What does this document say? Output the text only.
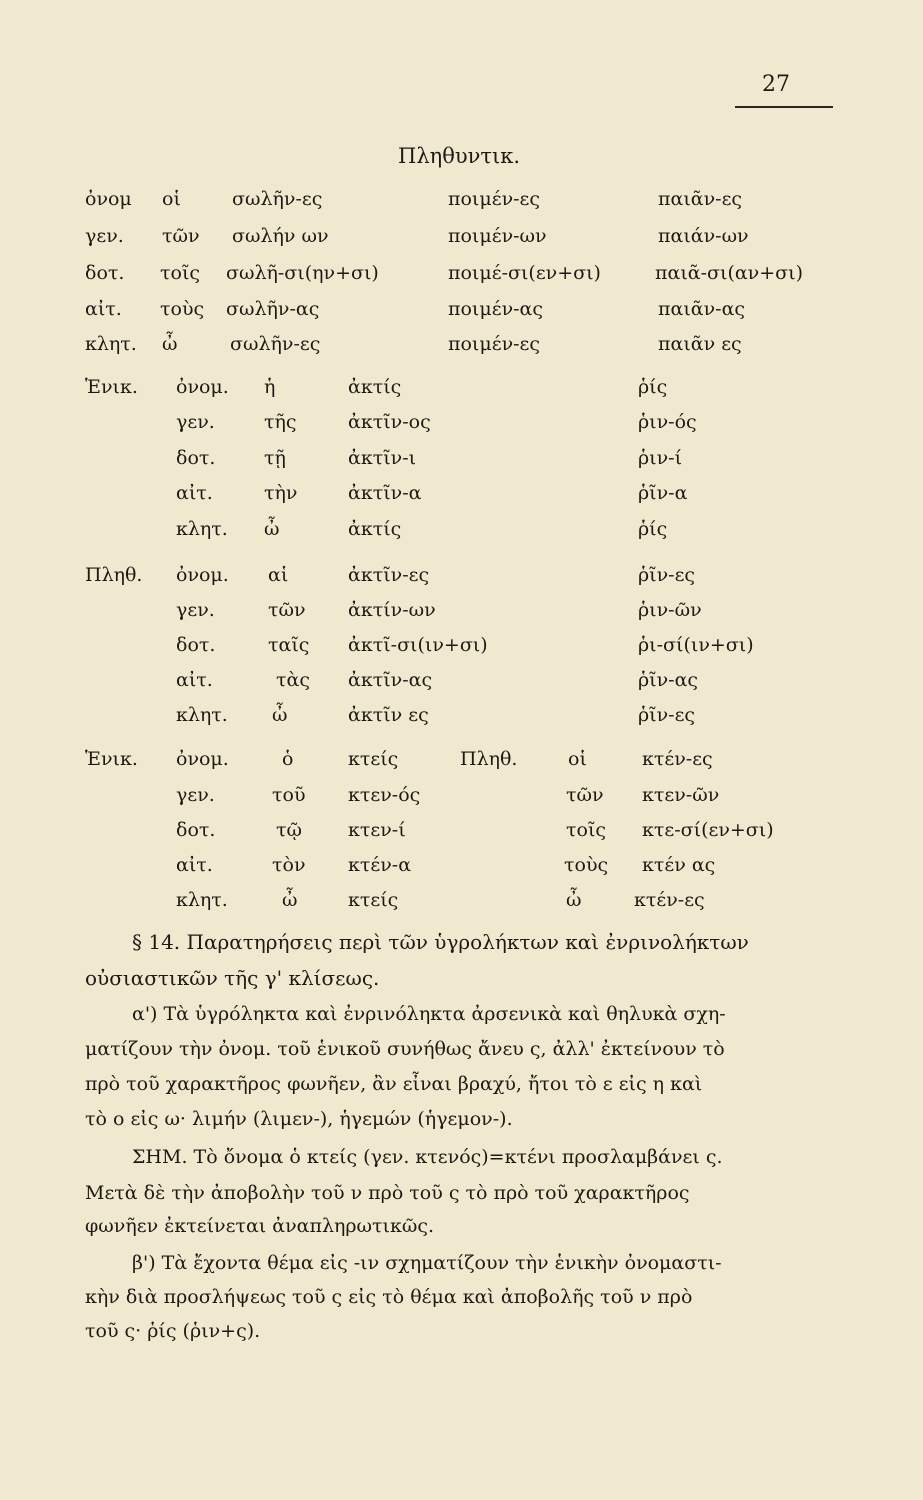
27
Πληθυντικ.
ὀνομ οἱ	σωλῆν-ες	ποιμέν-ες	παιᾶν-ες
γεν. τῶν σωλήν ων	ποιμέν-ων	παιάν-ων
δοτ. τοῖς σωλῆ-σι(ην+σι)	ποιμέ-σι(εν+σι)	παιᾶ-σι(αν+σι)
αἰτ. τοὺς σωλῆν-ας	ποιμέν-ας	παιᾶν-ας
κλητ. ὦ	σωλῆν-ες	ποιμέν-ες	παιᾶν ες
Ἑνικ. ὀνομ. ἡ	ἀκτίς	ῥίς
γεν.	τῆς	ἀκτῖν-ος	ῥιν-ός
δοτ.	τῇ	ἀκτῖν-ι	ῥιν-ί
αἰτ.	τὴν	ἀκτῖν-α	ῥῖν-α
κλητ. ὦ	ἀκτίς	ῥίς
Πληθ. ὀνομ. αἱ	ἀκτῖν-ες	ῥῖν-ες
γεν.	τῶν ἀκτίν-ων	ῥιν-ῶν
δοτ.	ταῖς ἀκτῖ-σι(ιν+σι)	ῥι-σί(ιν+σι)
αἰτ.	τὰς ἀκτῖν-ας	ῥῖν-ας
κλητ. ὦ	ἀκτῖν ες	ῥῖν-ες
Ἑνικ. ὀνομ.	ὁ	κτείς	Πληθ.	οἱ	κτέν-ες
γεν.	τοῦ κτεν-ός	τῶν κτεν-ῶν
δοτ.	τῷ κτεν-ί	τοῖς κτε-σί(εν+σι)
αἰτ.	τὸν κτέν-α	τοὺς κτέν ας
κλητ.	ὦ	κτείς	ὦ	κτέν-ες
§ 14. Παρατηρήσεις περὶ τῶν ὑγρολήκτων καὶ ἐνρινολήκτων
οὐσιαστικῶν τῆς γ' κλίσεως.
α') Τὰ ὑγρόληκτα καὶ ἐνρινόληκτα ἀρσενικὰ καὶ θηλυκὰ σχη-
ματίζουν τὴν ὀνομ. τοῦ ἑνικοῦ συνήθως ἄνευ ς, ἀλλ' ἐκτείνουν τὸ
πρὸ τοῦ χαρακτῆρος φωνῆεν, ἂν εἶναι βραχύ, ἤτοι τὸ ε εἰς η καὶ
τὸ ο εἰς ω· λιμήν (λιμεν-), ἡγεμών (ἡγεμον-).
ΣΗΜ. Τὸ ὄνομα ὁ κτείς (γεν. κτενός)=κτένι προσλαμβάνει ς.
Μετὰ δὲ τὴν ἀποβολὴν τοῦ ν πρὸ τοῦ ς τὸ πρὸ τοῦ χαρακτῆρος
φωνῆεν ἐκτείνεται ἀναπληρωτικῶς.
β') Τὰ ἔχοντα θέμα εἰς -ιν σχηματίζουν τὴν ἑνικὴν ὀνομαστι-
κὴν διὰ προσλήψεως τοῦ ς εἰς τὸ θέμα καὶ ἀποβολῆς τοῦ ν πρὸ
τοῦ ς· ῥίς (ῥιν+ς).
